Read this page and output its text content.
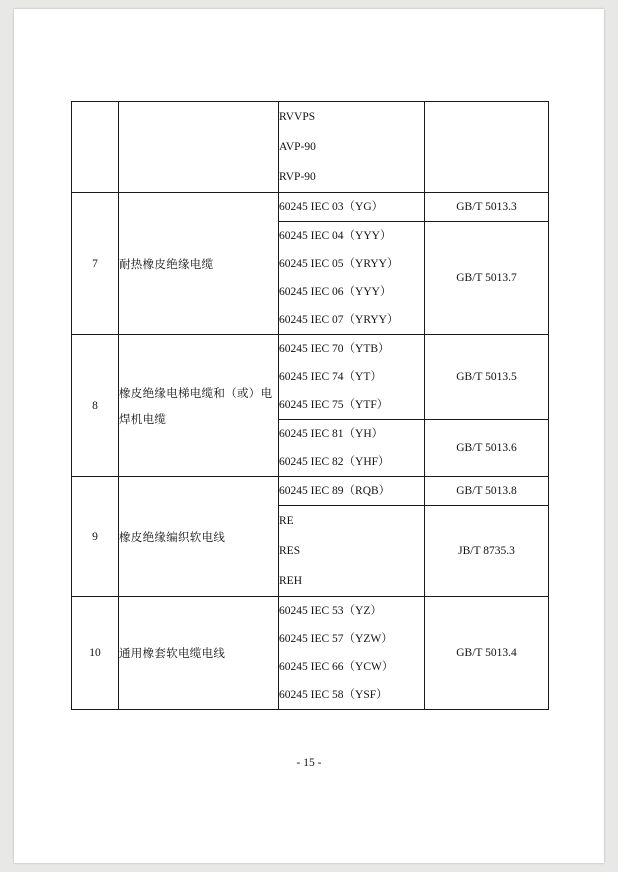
		RVVPS
AVP-90
RVP-90	

7	耐热橡皮绝缘电缆	60245 IEC 03（YG）	GB/T 5013.3

		60245 IEC 04（YYY）
60245 IEC 05（YRYY）
60245 IEC 06（YYY）
60245 IEC 07（YRYY）	GB/T 5013.7
8	橡皮绝缘电梯电缆和（或）电焊机电缆	60245 IEC 70（YTB）
60245 IEC 74（YT）
60245 IEC 75（YTF）	GB/T 5013.5

		60245 IEC 81（YH）
60245 IEC 82（YHF）	GB/T 5013.6
9	橡皮绝缘编织软电线	60245 IEC 89（RQB）	GB/T 5013.8

		RE
RES
REH	JB/T 8735.3
10	通用橡套软电缆电线	60245 IEC 53（YZ）
60245 IEC 57（YZW）
60245 IEC 66（YCW）
60245 IEC 58（YSF）	GB/T 5013.4
- 15 -
